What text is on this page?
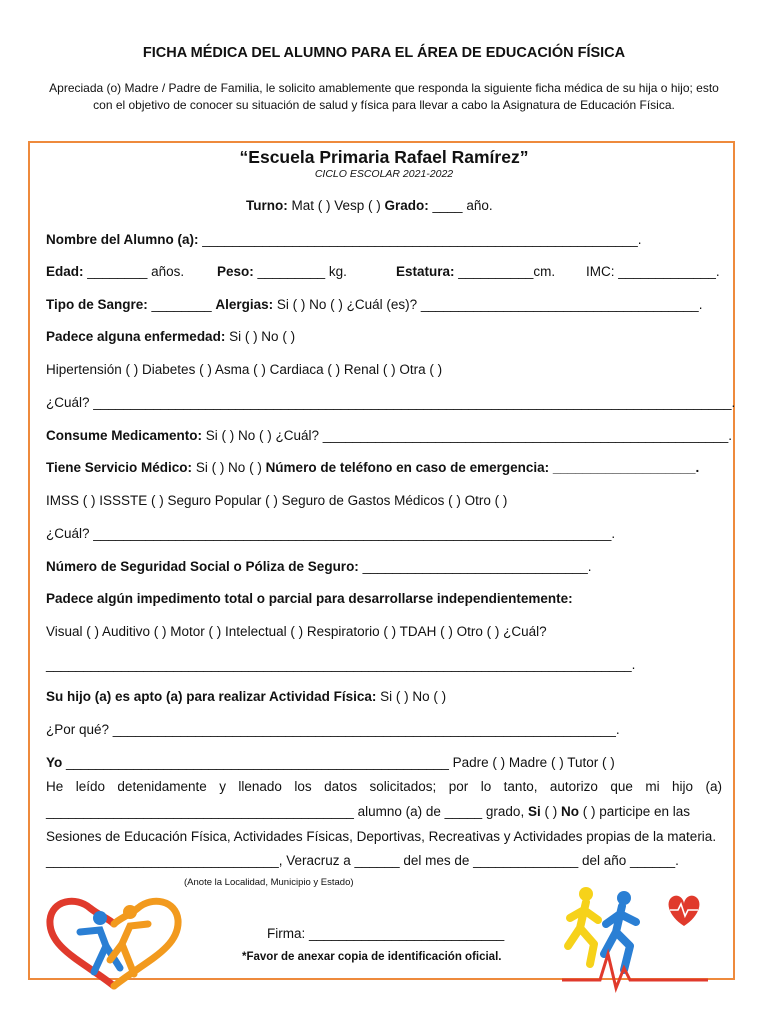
FICHA MÉDICA DEL ALUMNO PARA EL ÁREA DE EDUCACIÓN FÍSICA
Apreciada (o) Madre / Padre de Familia, le solicito amablemente que responda la siguiente ficha médica de su hija o hijo; esto con el objetivo de conocer su situación de salud y física para llevar a cabo la Asignatura de Educación Física.
“Escuela Primaria Rafael Ramírez”
CICLO ESCOLAR 2021-2022
Turno: Mat ( ) Vesp ( ) Grado: ____ año.
Nombre del Alumno (a): __________________________________________________________.
Edad: ________ años. Peso: _________ kg.	Estatura: __________cm. IMC: _____________.
Tipo de Sangre: ________ Alergias: Si ( ) No ( ) ¿Cuál (es)? _____________________________________.
Padece alguna enfermedad: Si ( ) No ( )
Hipertensión ( ) Diabetes ( ) Asma ( ) Cardiaca ( ) Renal ( ) Otra ( )
¿Cuál? _____________________________________________________________________________________.
Consume Medicamento: Si ( ) No ( ) ¿Cuál? ______________________________________________________.
Tiene Servicio Médico: Si ( ) No ( ) Número de teléfono en caso de emergencia: ___________________.
IMSS ( ) ISSSTE ( ) Seguro Popular ( ) Seguro de Gastos Médicos ( ) Otro ( )
¿Cuál? _____________________________________________________________________.
Número de Seguridad Social o Póliza de Seguro: ______________________________.
Padece algún impedimento total o parcial para desarrollarse independientemente:
Visual ( ) Auditivo ( ) Motor ( ) Intelectual ( ) Respiratorio ( ) TDAH ( ) Otro ( ) ¿Cuál?
______________________________________________________________________________.
Su hijo (a) es apto (a) para realizar Actividad Física: Si ( ) No ( )
¿Por qué? ___________________________________________________________________.
Yo ___________________________________________________ Padre ( ) Madre ( ) Tutor ( )
He leído detenidamente y llenado los datos solicitados; por lo tanto, autorizo que mi hijo (a)
_________________________________________ alumno (a) de _____ grado, Si ( ) No ( ) participe en las
Sesiones de Educación Física, Actividades Físicas, Deportivas, Recreativas y Actividades propias de la materia.
_______________________________, Veracruz a ______ del mes de ______________ del año ______.
(Anote la Localidad, Municipio y Estado)
Firma: __________________________
*Favor de anexar copia de identificación oficial.
